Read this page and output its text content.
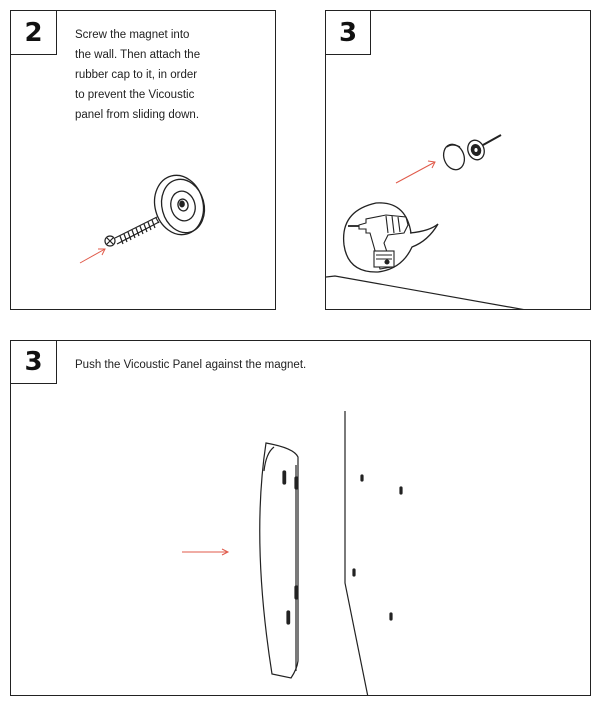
2	Screw the magnet into
the wall. Then attach the
rubber cap to it, in order
to prevent the Vicoustic
panel from sliding down.
3
3	Push the Vicoustic Panel against the magnet.
